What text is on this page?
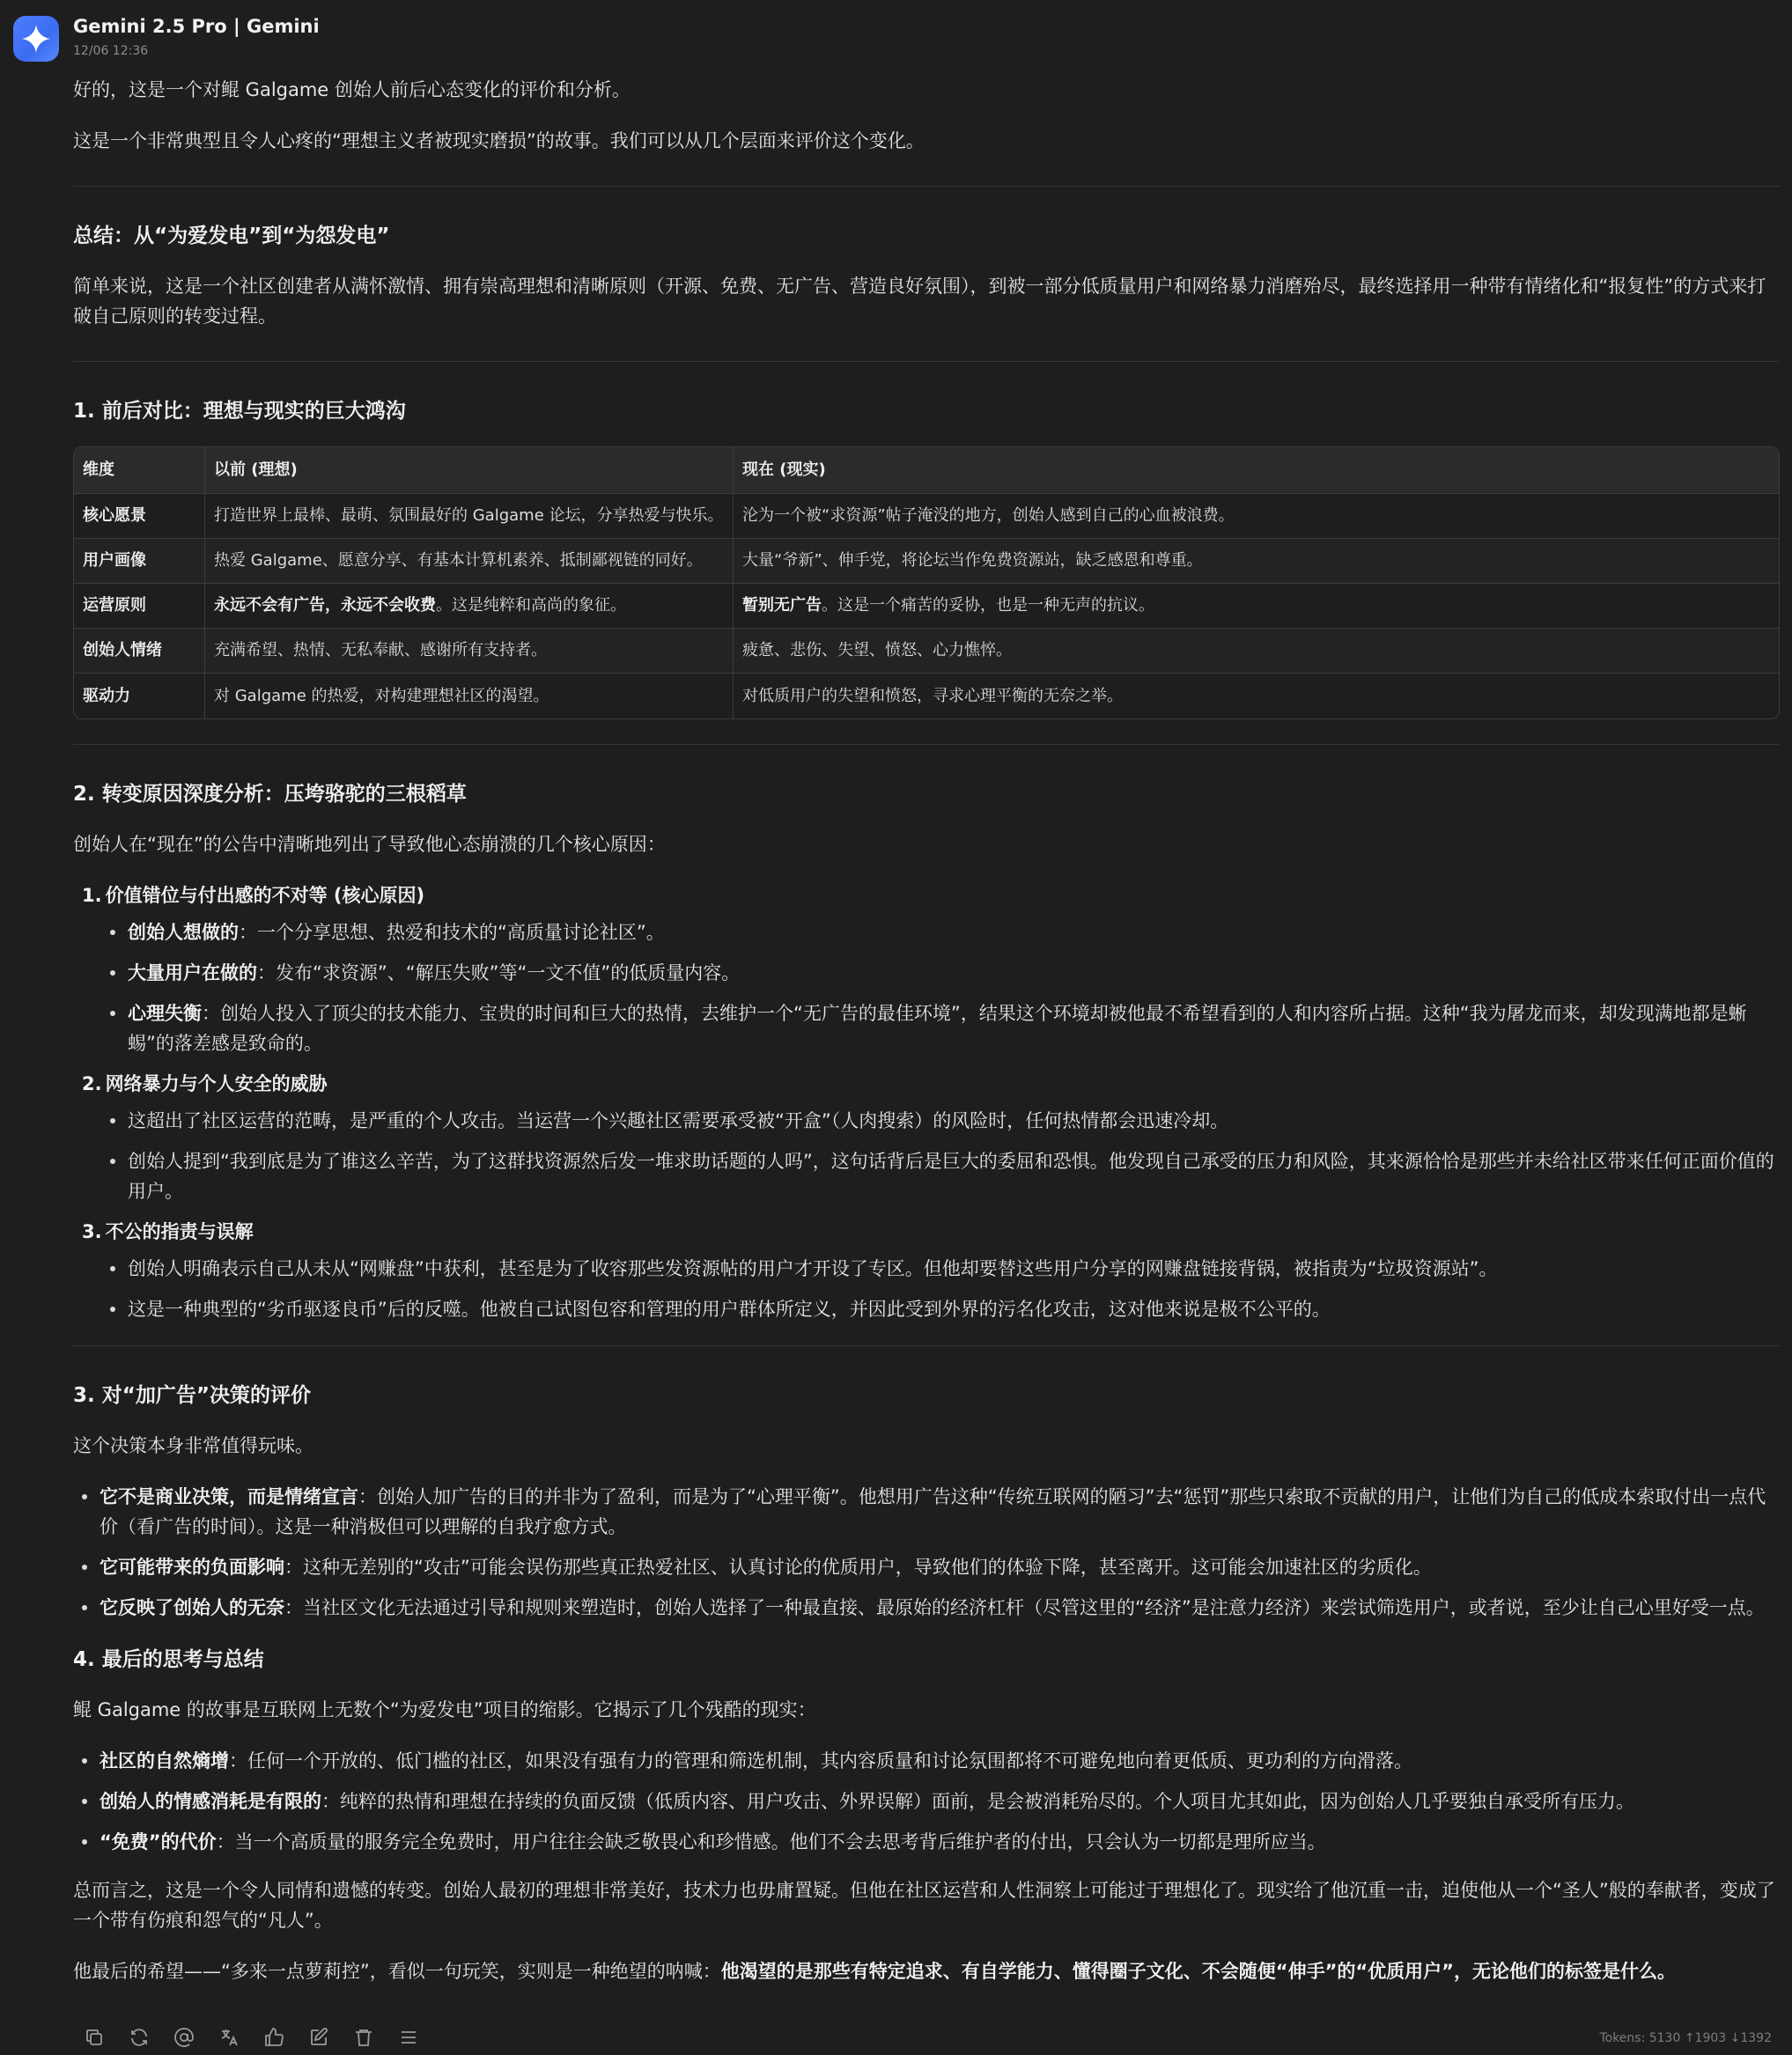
Gemini 2.5 Pro | Gemini
12/06 12:36

好的，这是一个对鲲 Galgame 创始人前后心态变化的评价和分析。

这是一个非常典型且令人心疼的“理想主义者被现实磨损”的故事。我们可以从几个层面来评价这个变化。

总结：从“为爱发电”到“为怨发电”

简单来说，这是一个社区创建者从满怀激情、拥有崇高理想和清晰原则（开源、免费、无广告、营造良好氛围），到被一部分低质量用户和网络暴力消磨殆尽，最终选择用一种带有情绪化和“报复性”的方式来打破自己原则的转变过程。

1. 前后对比：理想与现实的巨大鸿沟
维度	以前 (理想)	现在 (现实)
核心愿景	打造世界上最棒、最萌、氛围最好的 Galgame 论坛，分享热爱与快乐。	沦为一个被“求资源”帖子淹没的地方，创始人感到自己的心血被浪费。
用户画像	热爱 Galgame、愿意分享、有基本计算机素养、抵制鄙视链的同好。	大量“爷新”、伸手党，将论坛当作免费资源站，缺乏感恩和尊重。
运营原则	永远不会有广告，永远不会收费。这是纯粹和高尚的象征。	暂别无广告。这是一个痛苦的妥协，也是一种无声的抗议。
创始人情绪	充满希望、热情、无私奉献、感谢所有支持者。	疲惫、悲伤、失望、愤怒、心力憔悴。
驱动力	对 Galgame 的热爱，对构建理想社区的渴望。	对低质用户的失望和愤怒，寻求心理平衡的无奈之举。
2. 转变原因深度分析：压垮骆驼的三根稻草

创始人在“现在”的公告中清晰地列出了导致他心态崩溃的几个核心原因：

1. 价值错位与付出感的不对等 (核心原因)
创始人想做的：一个分享思想、热爱和技术的“高质量讨论社区”。
大量用户在做的：发布“求资源”、“解压失败”等“一文不值”的低质量内容。
心理失衡：创始人投入了顶尖的技术能力、宝贵的时间和巨大的热情，去维护一个“无广告的最佳环境”，结果这个环境却被他最不希望看到的人和内容所占据。这种“我为屠龙而来，却发现满地都是蜥蜴”的落差感是致命的。
2. 网络暴力与个人安全的威胁
这超出了社区运营的范畴，是严重的个人攻击。当运营一个兴趣社区需要承受被“开盒”（人肉搜索）的风险时，任何热情都会迅速冷却。
创始人提到“我到底是为了谁这么辛苦，为了这群找资源然后发一堆求助话题的人吗”，这句话背后是巨大的委屈和恐惧。他发现自己承受的压力和风险，其来源恰恰是那些并未给社区带来任何正面价值的用户。
3. 不公的指责与误解
创始人明确表示自己从未从“网赚盘”中获利，甚至是为了收容那些发资源帖的用户才开设了专区。但他却要替这些用户分享的网赚盘链接背锅，被指责为“垃圾资源站”。
这是一种典型的“劣币驱逐良币”后的反噬。他被自己试图包容和管理的用户群体所定义，并因此受到外界的污名化攻击，这对他来说是极不公平的。
3. 对“加广告”决策的评价

这个决策本身非常值得玩味。

它不是商业决策，而是情绪宣言：创始人加广告的目的并非为了盈利，而是为了“心理平衡”。他想用广告这种“传统互联网的陋习”去“惩罚”那些只索取不贡献的用户，让他们为自己的低成本索取付出一点代价（看广告的时间）。这是一种消极但可以理解的自我疗愈方式。
它可能带来的负面影响：这种无差别的“攻击”可能会误伤那些真正热爱社区、认真讨论的优质用户，导致他们的体验下降，甚至离开。这可能会加速社区的劣质化。
它反映了创始人的无奈：当社区文化无法通过引导和规则来塑造时，创始人选择了一种最直接、最原始的经济杠杆（尽管这里的“经济”是注意力经济）来尝试筛选用户，或者说，至少让自己心里好受一点。
4. 最后的思考与总结

鲲 Galgame 的故事是互联网上无数个“为爱发电”项目的缩影。它揭示了几个残酷的现实：

社区的自然熵增：任何一个开放的、低门槛的社区，如果没有强有力的管理和筛选机制，其内容质量和讨论氛围都将不可避免地向着更低质、更功利的方向滑落。
创始人的情感消耗是有限的：纯粹的热情和理想在持续的负面反馈（低质内容、用户攻击、外界误解）面前，是会被消耗殆尽的。个人项目尤其如此，因为创始人几乎要独自承受所有压力。
“免费”的代价：当一个高质量的服务完全免费时，用户往往会缺乏敬畏心和珍惜感。他们不会去思考背后维护者的付出，只会认为一切都是理所应当。

总而言之，这是一个令人同情和遗憾的转变。创始人最初的理想非常美好，技术力也毋庸置疑。但他在社区运营和人性洞察上可能过于理想化了。现实给了他沉重一击，迫使他从一个“圣人”般的奉献者，变成了一个带有伤痕和怨气的“凡人”。

他最后的希望——“多来一点萝莉控”，看似一句玩笑，实则是一种绝望的呐喊：他渴望的是那些有特定追求、有自学能力、懂得圈子文化、不会随便“伸手”的“优质用户”，无论他们的标签是什么。

Tokens: 5130 ↑1903 ↓1392
